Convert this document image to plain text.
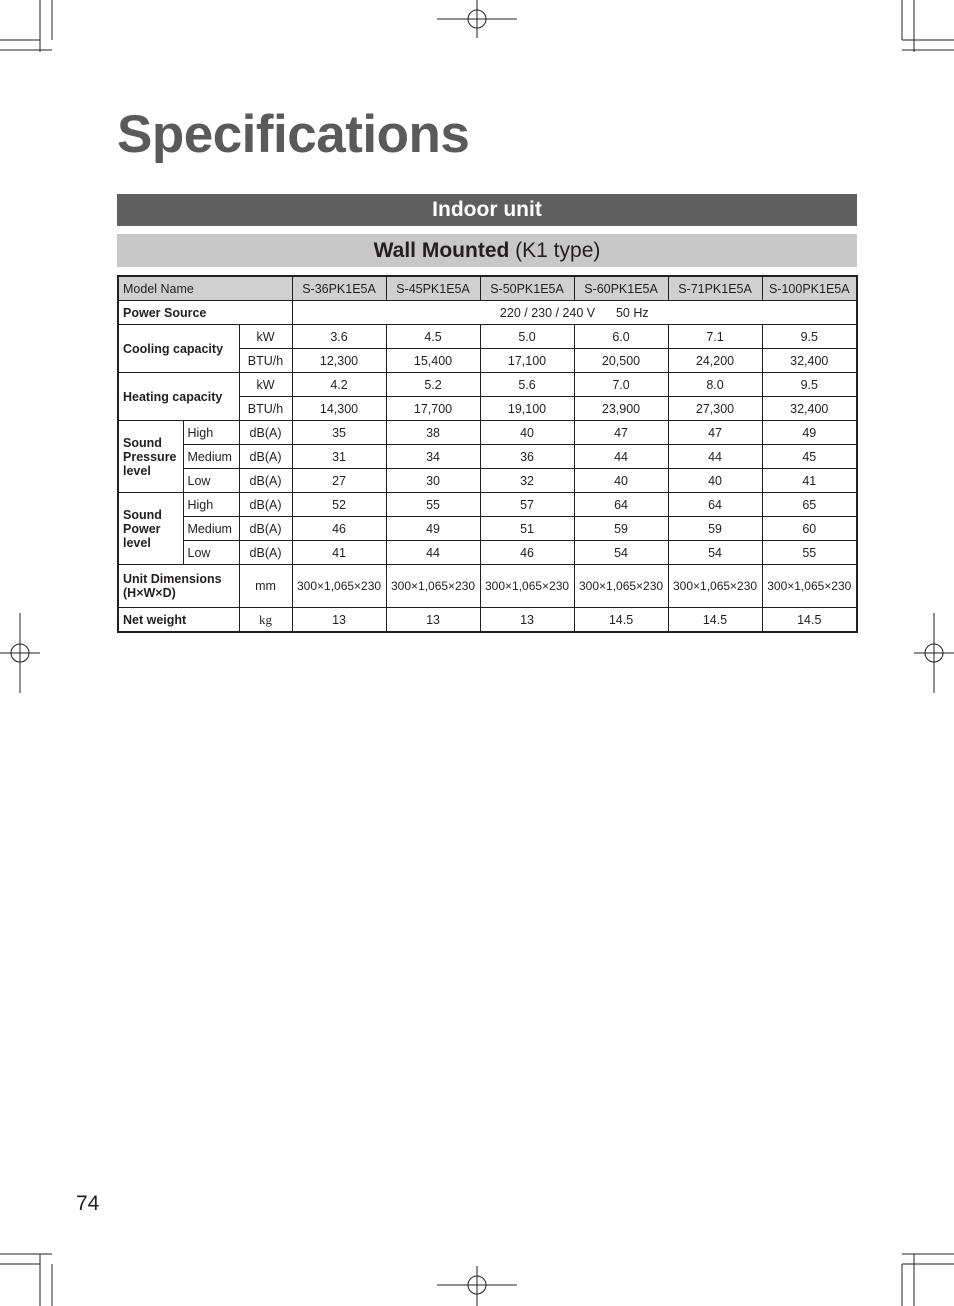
Specifications
Indoor unit
Wall Mounted (K1 type)
Model Name			S-36PK1E5A	S-45PK1E5A	S-50PK1E5A	S-60PK1E5A	S-71PK1E5A	S-100PK1E5A
Power Source			220 / 230 / 240 V      50 Hz					
Cooling capacity		kW	3.6	4.5	5.0	6.0	7.1	9.5
		BTU/h	12,300	15,400	17,100	20,500	24,200	32,400
Heating capacity		kW	4.2	5.2	5.6	7.0	8.0	9.5
		BTU/h	14,300	17,700	19,100	23,900	27,300	32,400
Sound Pressure level	High	dB(A)	35	38	40	47	47	49
	Medium	dB(A)	31	34	36	44	44	45
	Low	dB(A)	27	30	32	40	40	41
Sound Power level	High	dB(A)	52	55	57	64	64	65
	Medium	dB(A)	46	49	51	59	59	60
	Low	dB(A)	41	44	46	54	54	55
Unit Dimensions (H×W×D)		mm	300×1,065×230	300×1,065×230	300×1,065×230	300×1,065×230	300×1,065×230	300×1,065×230
Net weight		kg	13	13	13	14.5	14.5	14.5
74
